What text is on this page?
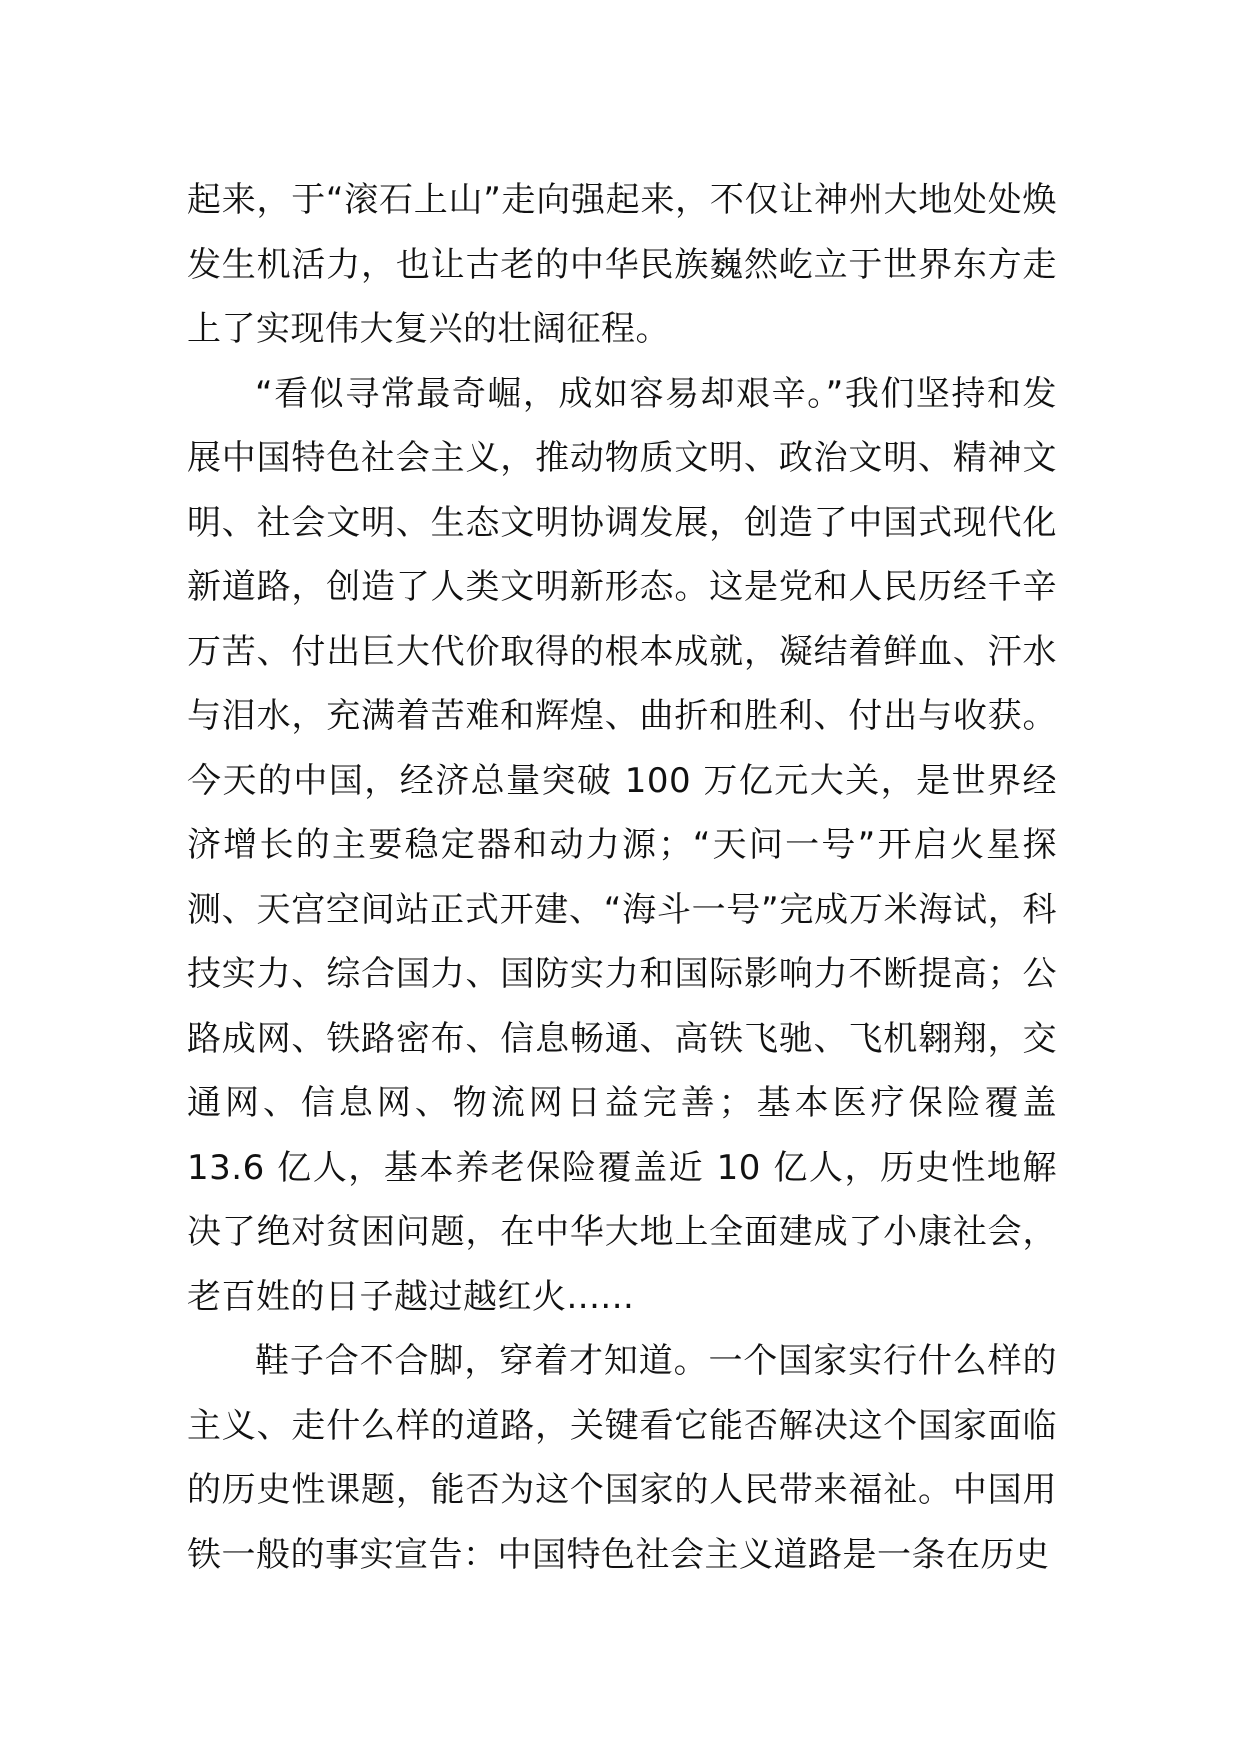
起来，于“滚石上山”走向强起来，不仅让神州大地处处焕发生机活力，也让古老的中华民族巍然屹立于世界东方走上了实现伟大复兴的壮阔征程。

“看似寻常最奇崛，成如容易却艰辛。”我们坚持和发展中国特色社会主义，推动物质文明、政治文明、精神文明、社会文明、生态文明协调发展，创造了中国式现代化新道路，创造了人类文明新形态。这是党和人民历经千辛万苦、付出巨大代价取得的根本成就，凝结着鲜血、汗水与泪水，充满着苦难和辉煌、曲折和胜利、付出与收获。今天的中国，经济总量突破 100 万亿元大关，是世界经济增长的主要稳定器和动力源；“天问一号”开启火星探测、天宫空间站正式开建、“海斗一号”完成万米海试，科技实力、综合国力、国防实力和国际影响力不断提高；公路成网、铁路密布、信息畅通、高铁飞驰、飞机翱翔，交通网、信息网、物流网日益完善；基本医疗保险覆盖 13.6 亿人，基本养老保险覆盖近 10 亿人，历史性地解决了绝对贫困问题，在中华大地上全面建成了小康社会，老百姓的日子越过越红火......

鞋子合不合脚，穿着才知道。一个国家实行什么样的主义、走什么样的道路，关键看它能否解决这个国家面临的历史性课题，能否为这个国家的人民带来福祉。中国用铁一般的事实宣告：中国特色社会主义道路是一条在历史
